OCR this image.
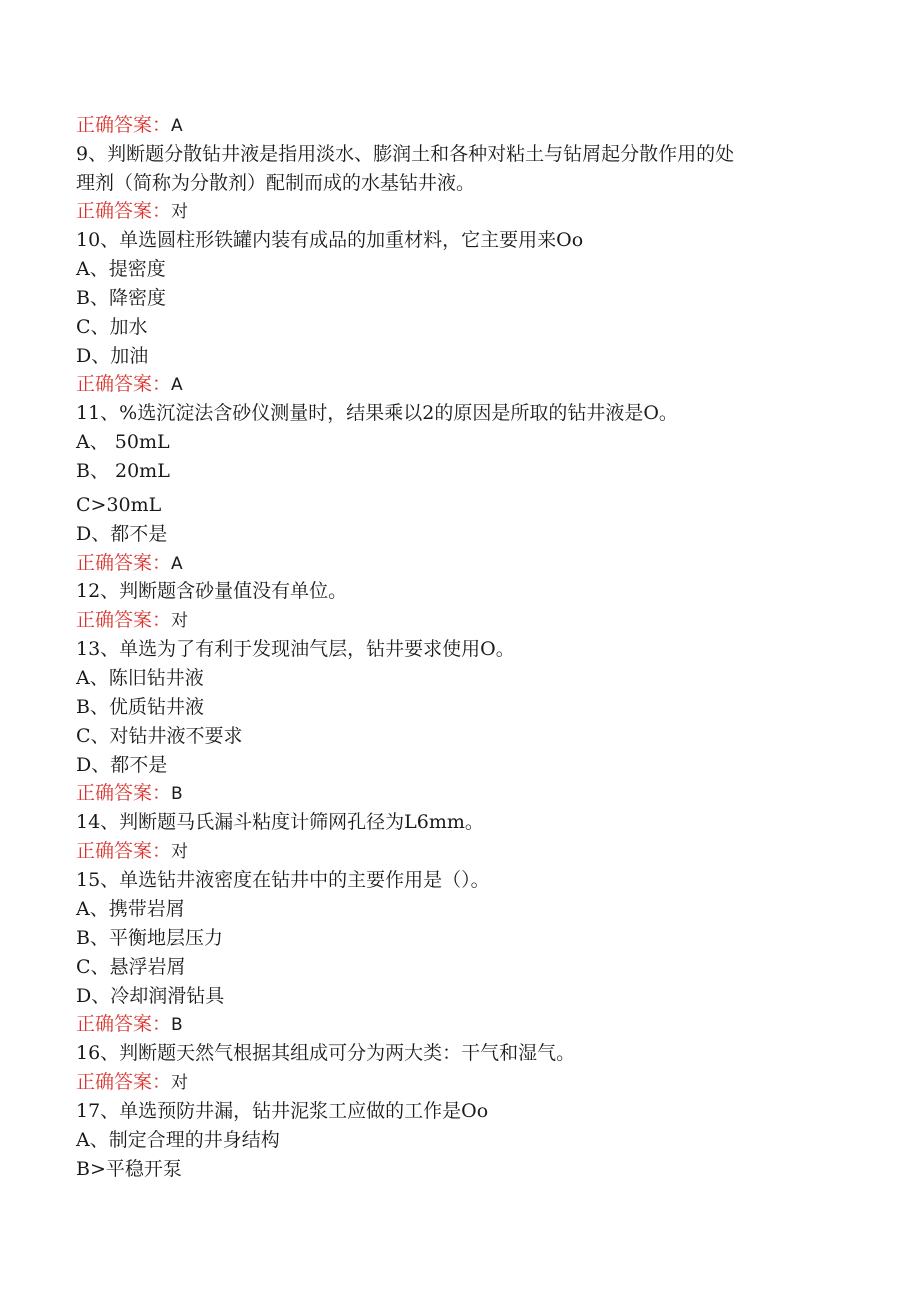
正确答案：A
9、判断题分散钻井液是指用淡水、膨润土和各种对粘土与钻屑起分散作用的处
理剂（简称为分散剂）配制而成的水基钻井液。
正确答案：对
10、单选圆柱形铁罐内装有成品的加重材料，它主要用来Oo
A、提密度
B、降密度
C、加水
D、加油
正确答案：A
11、%选沉淀法含砂仪测量时，结果乘以2的原因是所取的钻井液是O。
A、 50mL
B、 20mL
C>30mL
D、都不是
正确答案：A
12、判断题含砂量值没有单位。
正确答案：对
13、单选为了有利于发现油气层，钻井要求使用O。
A、陈旧钻井液
B、优质钻井液
C、对钻井液不要求
D、都不是
正确答案：B
14、判断题马氏漏斗粘度计筛网孔径为L6mm。
正确答案：对
15、单选钻井液密度在钻井中的主要作用是（）。
A、携带岩屑
B、平衡地层压力
C、悬浮岩屑
D、冷却润滑钻具
正确答案：B
16、判断题天然气根据其组成可分为两大类：干气和湿气。
正确答案：对
17、单选预防井漏，钻井泥浆工应做的工作是Oo
A、制定合理的井身结构
B>平稳开泵
